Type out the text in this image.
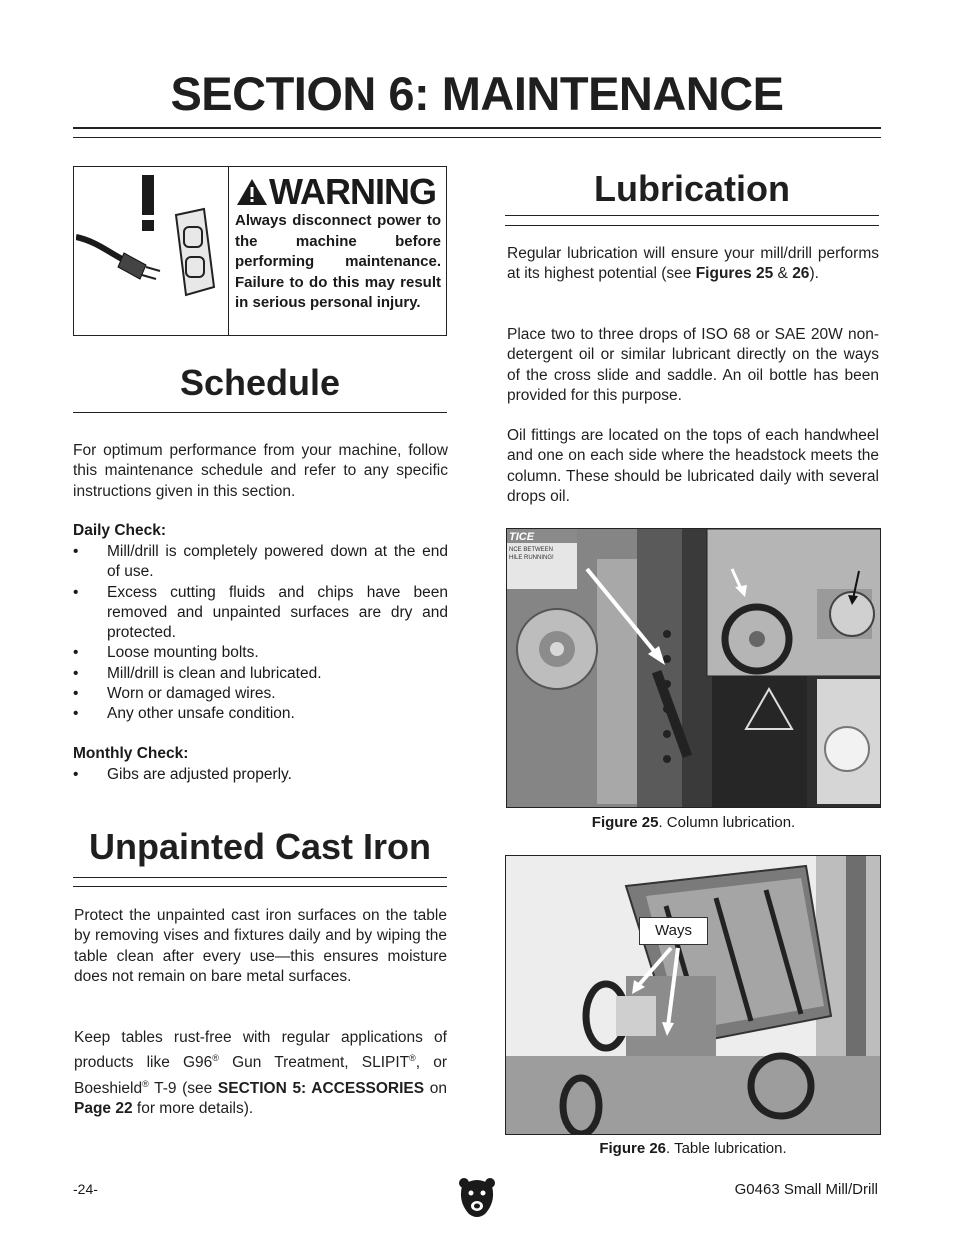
SECTION 6: MAINTENANCE
WARNING
Always disconnect power to the machine before performing maintenance. Failure to do this may result in serious personal injury.
Schedule
For optimum performance from your machine, follow this maintenance schedule and refer to any specific instructions given in this section.
Daily Check:
• Mill/drill is completely powered down at the end of use.
• Excess cutting fluids and chips have been removed and unpainted surfaces are dry and protected.
• Loose mounting bolts.
• Mill/drill is clean and lubricated.
• Worn or damaged wires.
• Any other unsafe condition.
Monthly Check:
• Gibs are adjusted properly.
Unpainted Cast Iron
Protect the unpainted cast iron surfaces on the table by removing vises and fixtures daily and by wiping the table clean after every use—this ensures moisture does not remain on bare metal surfaces.
Keep tables rust-free with regular applications of products like G96® Gun Treatment, SLIPIT®, or Boeshield® T-9 (see SECTION 5: ACCESSORIES on Page 22 for more details).
Lubrication
Regular lubrication will ensure your mill/drill performs at its highest potential (see Figures 25 & 26).
Place two to three drops of ISO 68 or SAE 20W non-detergent oil or similar lubricant directly on the ways of the cross slide and saddle. An oil bottle has been provided for this purpose.
Oil fittings are located on the tops of each handwheel and one on each side where the headstock meets the column. These should be lubricated daily with several drops oil.
TICE
NCE BETWEEN
HILE RUNNING!
Figure 25. Column lubrication.
Ways
Figure 26. Table lubrication.
-24-	G0463 Small Mill/Drill
